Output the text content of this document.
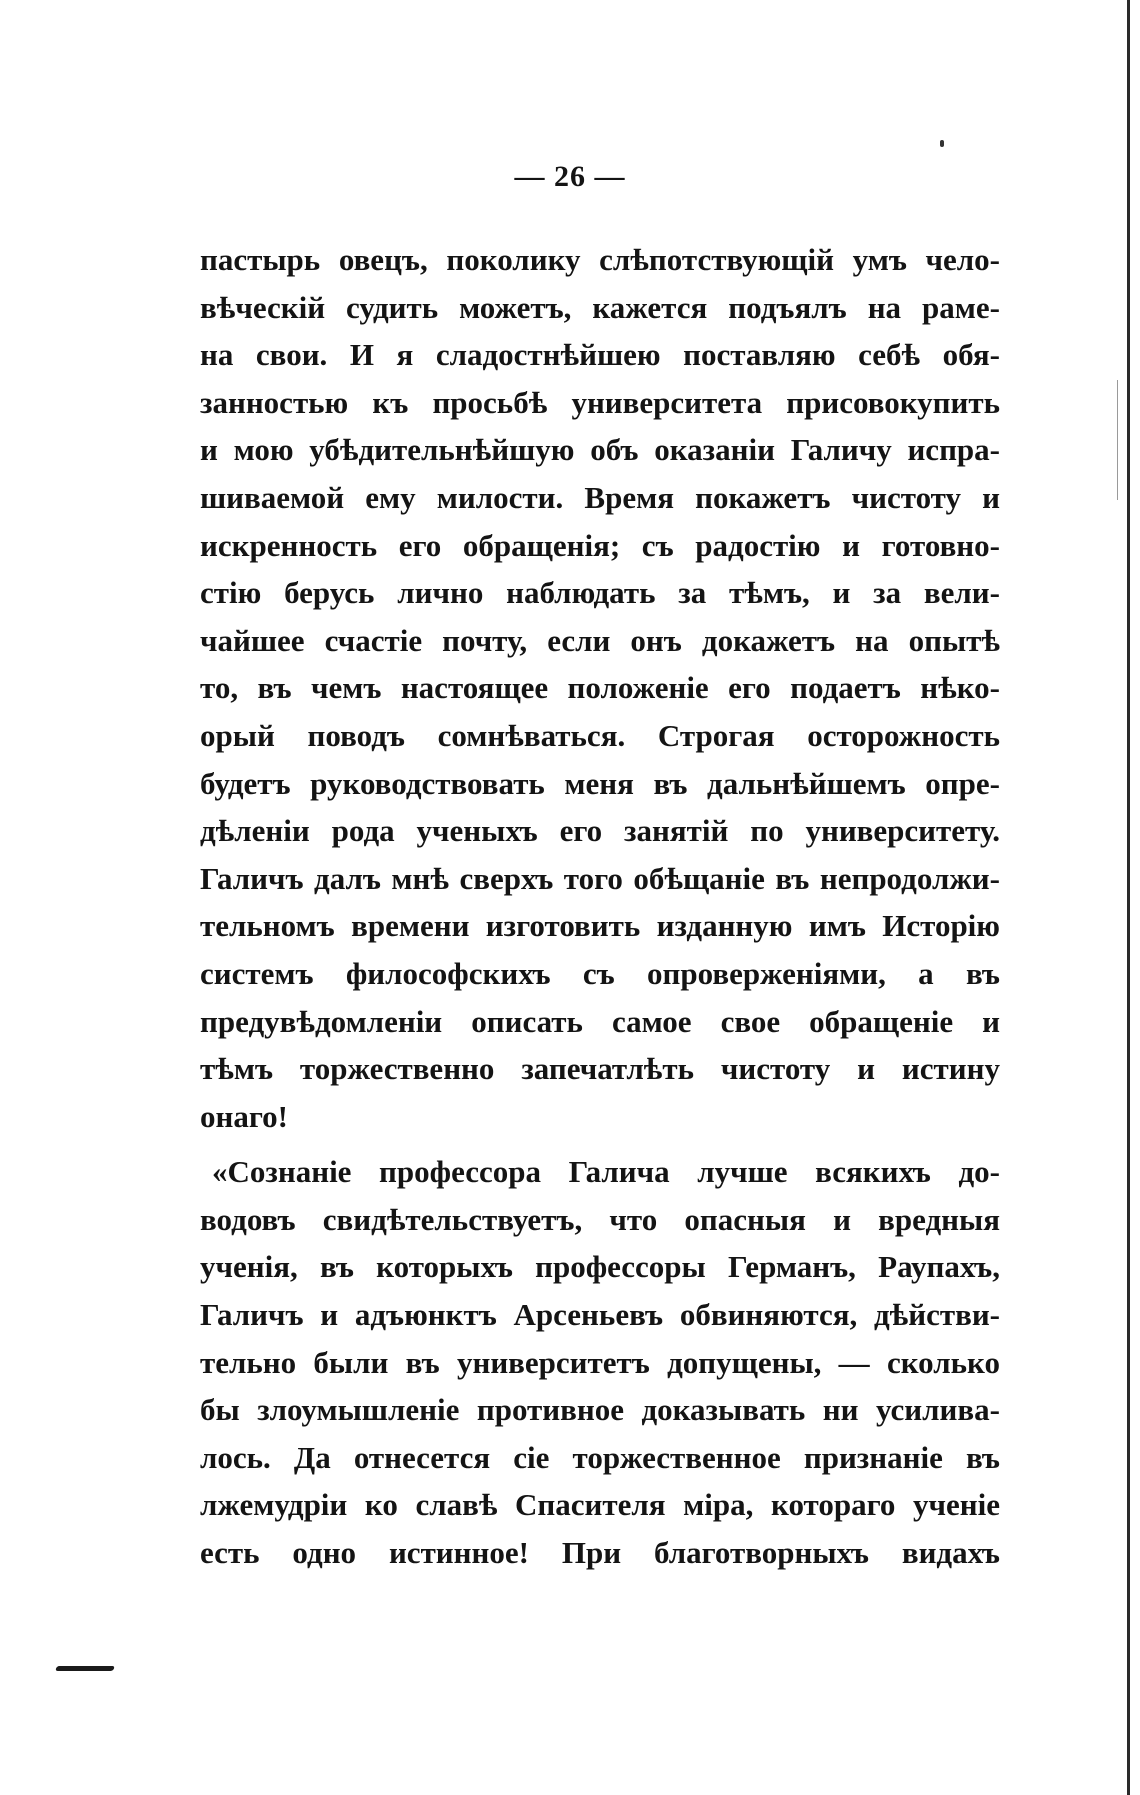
— 26 —
пастырь овецъ, поколику слѣпотствующій умъ чело-
вѣческій судить можетъ, кажется подъялъ на раме-
на свои. И я сладостнѣйшею поставляю себѣ обя-
занностью къ просьбѣ университета присовокупить
и мою убѣдительнѣйшую объ оказаніи Галичу испра-
шиваемой ему милости. Время покажетъ чистоту и
искренность его обращенія; съ радостію и готовно-
стію берусь лично наблюдать за тѣмъ, и за вели-
чайшее счастіе почту, если онъ докажетъ на опытѣ
то, въ чемъ настоящее положеніе его подаетъ нѣко-
орый поводъ сомнѣваться. Строгая осторожность
будетъ руководствовать меня въ дальнѣйшемъ опре-
дѣленіи рода ученыхъ его занятій по университету.
Галичъ далъ мнѣ сверхъ того обѣщаніе въ непродолжи-
тельномъ времени изготовить изданную имъ Исторію
системъ философскихъ съ опроверженіями, а въ
предувѣдомленіи описать самое свое обращеніе и
тѣмъ торжественно запечатлѣть чистоту и истину
онаго!
«Сознаніе профессора Галича лучше всякихъ до-
водовъ свидѣтельствуетъ, что опасныя и вредныя
ученія, въ которыхъ профессоры Германъ, Раупахъ,
Галичъ и адъюнктъ Арсеньевъ обвиняются, дѣйстви-
тельно были въ университетъ допущены, — сколько
бы злоумышленіе противное доказывать ни усилива-
лось. Да отнесется сіе торжественное признаніе въ
лжемудріи ко славѣ Спасителя міра, котораго ученіе
есть одно истинное! При благотворныхъ видахъ
